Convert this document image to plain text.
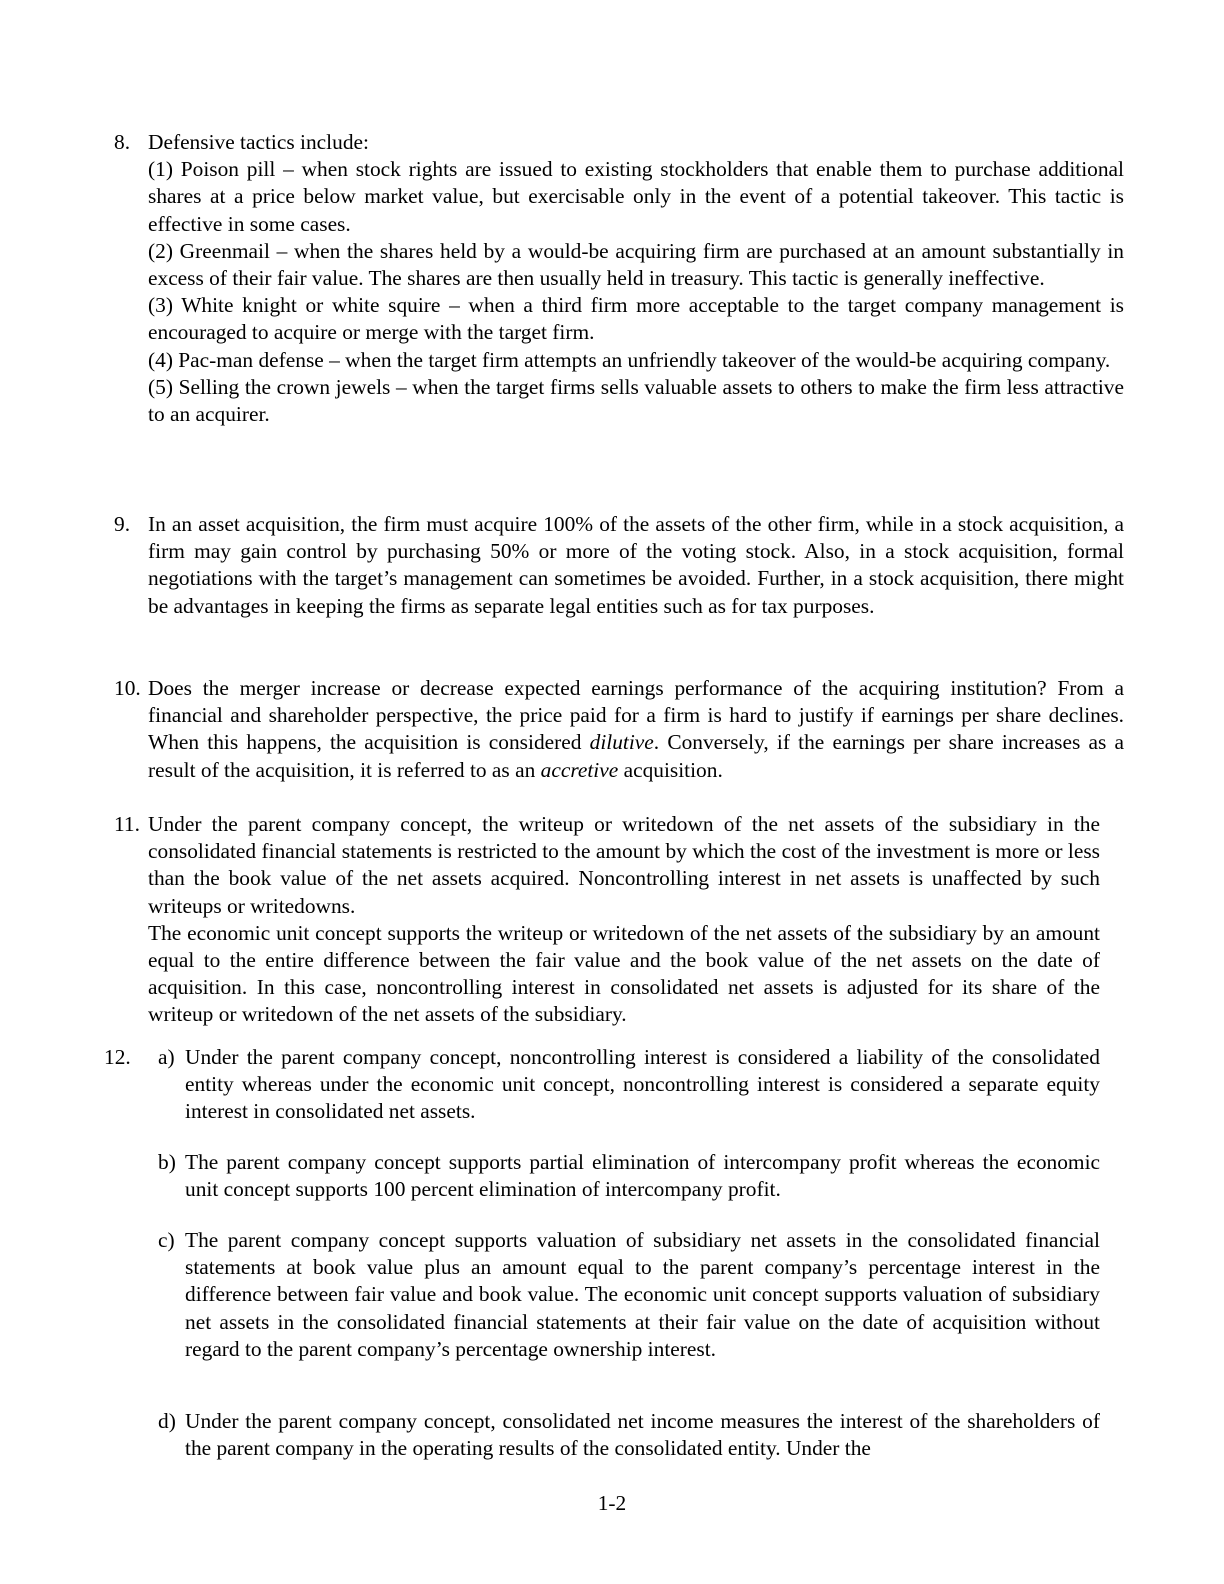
8. Defensive tactics include:

(1) Poison pill – when stock rights are issued to existing stockholders that enable them to purchase additional shares at a price below market value, but exercisable only in the event of a potential takeover. This tactic is effective in some cases.

(2) Greenmail – when the shares held by a would-be acquiring firm are purchased at an amount substantially in excess of their fair value. The shares are then usually held in treasury. This tactic is generally ineffective.

(3) White knight or white squire – when a third firm more acceptable to the target company management is encouraged to acquire or merge with the target firm.

(4) Pac-man defense – when the target firm attempts an unfriendly takeover of the would-be acquiring company.

(5) Selling the crown jewels – when the target firms sells valuable assets to others to make the firm less attractive to an acquirer.

9. In an asset acquisition, the firm must acquire 100% of the assets of the other firm, while in a stock acquisition, a firm may gain control by purchasing 50% or more of the voting stock. Also, in a stock acquisition, formal negotiations with the target’s management can sometimes be avoided. Further, in a stock acquisition, there might be advantages in keeping the firms as separate legal entities such as for tax purposes.

10. Does the merger increase or decrease expected earnings performance of the acquiring institution? From a financial and shareholder perspective, the price paid for a firm is hard to justify if earnings per share declines. When this happens, the acquisition is considered dilutive. Conversely, if the earnings per share increases as a result of the acquisition, it is referred to as an accretive acquisition.

11. Under the parent company concept, the writeup or writedown of the net assets of the subsidiary in the consolidated financial statements is restricted to the amount by which the cost of the investment is more or less than the book value of the net assets acquired. Noncontrolling interest in net assets is unaffected by such writeups or writedowns.

The economic unit concept supports the writeup or writedown of the net assets of the subsidiary by an amount equal to the entire difference between the fair value and the book value of the net assets on the date of acquisition. In this case, noncontrolling interest in consolidated net assets is adjusted for its share of the writeup or writedown of the net assets of the subsidiary.

12. a) Under the parent company concept, noncontrolling interest is considered a liability of the consolidated entity whereas under the economic unit concept, noncontrolling interest is considered a separate equity interest in consolidated net assets.
b) The parent company concept supports partial elimination of intercompany profit whereas the economic unit concept supports 100 percent elimination of intercompany profit.
c) The parent company concept supports valuation of subsidiary net assets in the consolidated financial statements at book value plus an amount equal to the parent company’s percentage interest in the difference between fair value and book value. The economic unit concept supports valuation of subsidiary net assets in the consolidated financial statements at their fair value on the date of acquisition without regard to the parent company’s percentage ownership interest.
d) Under the parent company concept, consolidated net income measures the interest of the shareholders of the parent company in the operating results of the consolidated entity. Under the
1-2
